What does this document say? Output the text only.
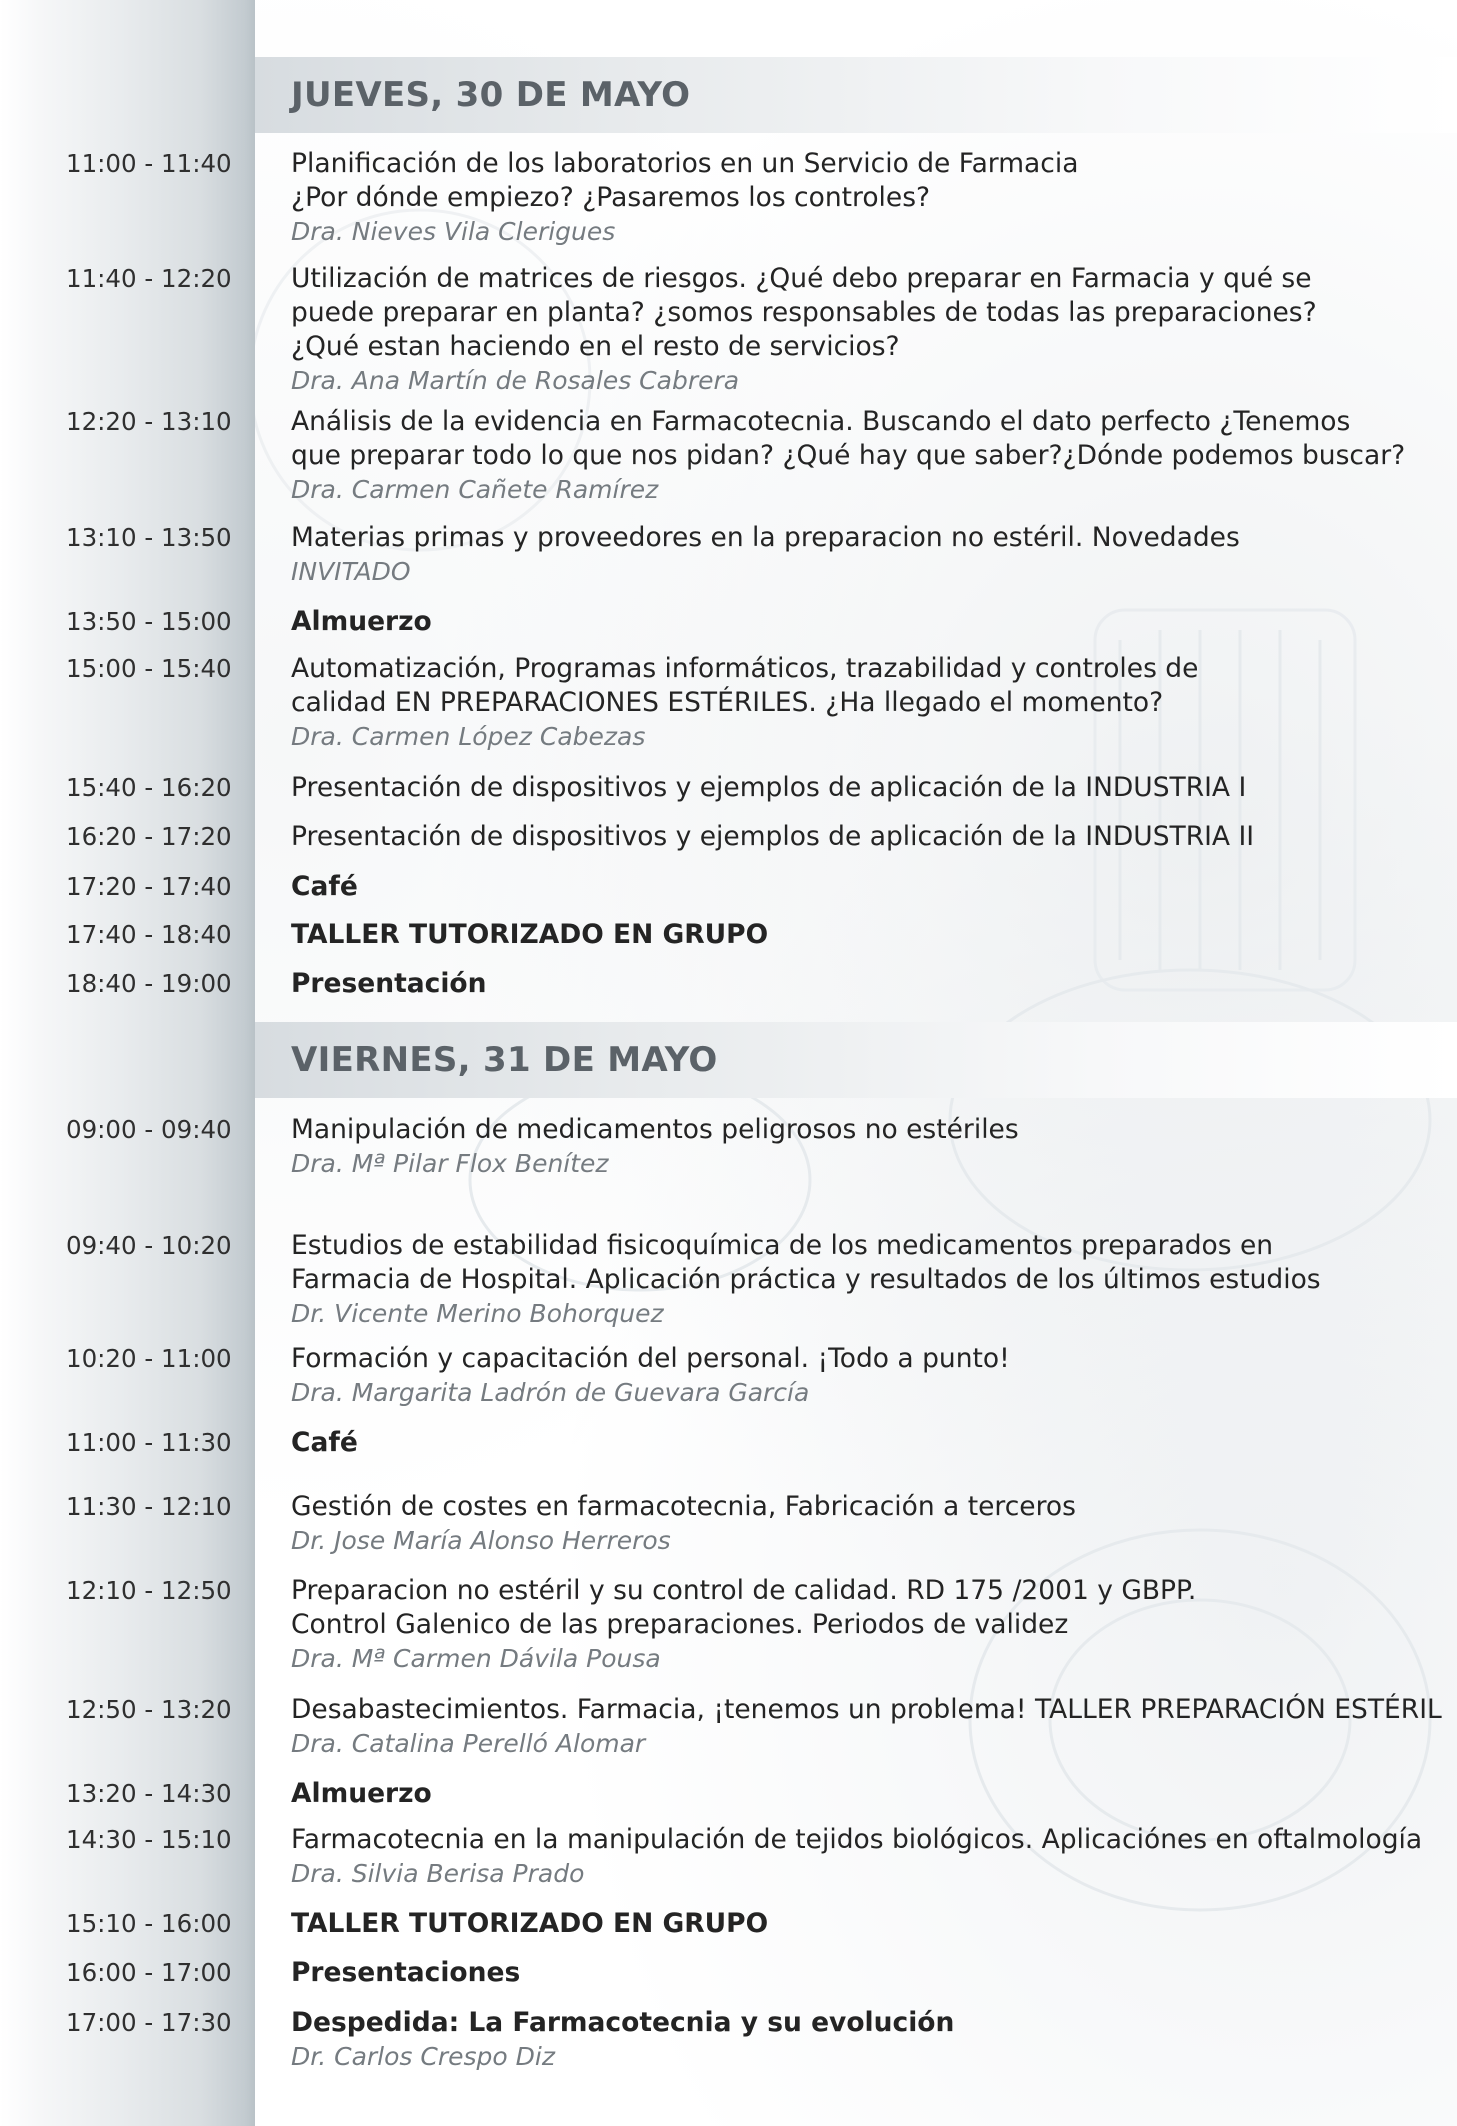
JUEVES, 30 DE MAYO
11:00 - 11:40 Planificación de los laboratorios en un Servicio de Farmacia
¿Por dónde empiezo? ¿Pasaremos los controles?
Dra. Nieves Vila Clerigues
11:40 - 12:20 Utilización de matrices de riesgos. ¿Qué debo preparar en Farmacia y qué se
puede preparar en planta? ¿somos responsables de todas las preparaciones?
¿Qué estan haciendo en el resto de servicios?
Dra. Ana Martín de Rosales Cabrera
12:20 - 13:10 Análisis de la evidencia en Farmacotecnia. Buscando el dato perfecto ¿Tenemos
que preparar todo lo que nos pidan? ¿Qué hay que saber?¿Dónde podemos buscar?
Dra. Carmen Cañete Ramírez
13:10 - 13:50 Materias primas y proveedores en la preparacion no estéril. Novedades
INVITADO
13:50 - 15:00 Almuerzo
15:00 - 15:40 Automatización, Programas informáticos, trazabilidad y controles de
calidad EN PREPARACIONES ESTÉRILES. ¿Ha llegado el momento?
Dra. Carmen López Cabezas
15:40 - 16:20 Presentación de dispositivos y ejemplos de aplicación de la INDUSTRIA I
16:20 - 17:20 Presentación de dispositivos y ejemplos de aplicación de la INDUSTRIA II
17:20 - 17:40 Café
17:40 - 18:40 TALLER TUTORIZADO EN GRUPO
18:40 - 19:00 Presentación
VIERNES, 31 DE MAYO
09:00 - 09:40 Manipulación de medicamentos peligrosos no estériles
Dra. Mª Pilar Flox Benítez
09:40 - 10:20 Estudios de estabilidad fisicoquímica de los medicamentos preparados en
Farmacia de Hospital. Aplicación práctica y resultados de los últimos estudios
Dr. Vicente Merino Bohorquez
10:20 - 11:00 Formación y capacitación del personal. ¡Todo a punto!
Dra. Margarita Ladrón de Guevara García
11:00 - 11:30 Café
11:30 - 12:10 Gestión de costes en farmacotecnia, Fabricación a terceros
Dr. Jose María Alonso Herreros
12:10 - 12:50 Preparacion no estéril y su control de calidad. RD 175 /2001 y GBPP.
Control Galenico de las preparaciones. Periodos de validez
Dra. Mª Carmen Dávila Pousa
12:50 - 13:20 Desabastecimientos. Farmacia, ¡tenemos un problema! TALLER PREPARACIÓN ESTÉRIL
Dra. Catalina Perelló Alomar
13:20 - 14:30 Almuerzo
14:30 - 15:10 Farmacotecnia en la manipulación de tejidos biológicos. Aplicaciónes en oftalmología
Dra. Silvia Berisa Prado
15:10 - 16:00 TALLER TUTORIZADO EN GRUPO
16:00 - 17:00 Presentaciones
17:00 - 17:30 Despedida: La Farmacotecnia y su evolución
Dr. Carlos Crespo Diz
